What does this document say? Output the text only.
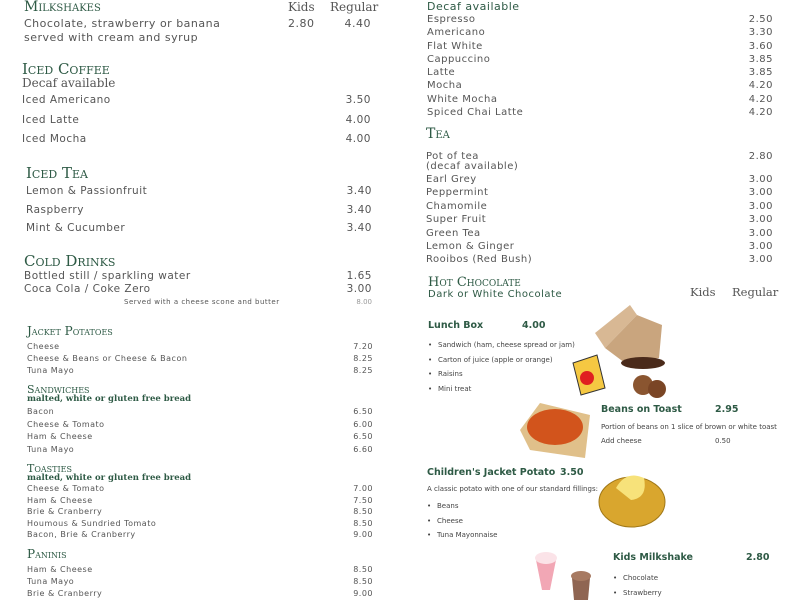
Milkshakes	Kids Regular
Chocolate, strawberry or banana
served with cream and syrup
2.80	4.40
Iced Coffee
Decaf available
Iced Americano	3.50
Iced Latte	4.00
Iced Mocha	4.00
Iced Tea
Lemon & Passionfruit	3.40
Raspberry	3.40
Mint & Cucumber	3.40
Cold Drinks
Bottled still / sparkling water	1.65
Coca Cola / Coke Zero	3.00
Served with a cheese scone and butter	8.00
Jacket Potatoes
Cheese	7.20
Cheese & Beans or Cheese & Bacon	8.25
Tuna Mayo	8.25
Sandwiches
malted, white or gluten free bread
Bacon	6.50
Cheese & Tomato	6.00
Ham & Cheese	6.50
Tuna Mayo	6.60
Toasties
malted, white or gluten free bread
Cheese & Tomato	7.00
Ham & Cheese	7.50
Brie & Cranberry	8.50
Houmous & Sundried Tomato	8.50
Bacon, Brie & Cranberry	9.00
Paninis
Ham & Cheese	8.50
Tuna Mayo	8.50
Brie & Cranberry	9.00
Decaf available
Espresso	2.50
Americano	3.30
Flat White	3.60
Cappuccino	3.85
Latte	3.85
Mocha	4.20
White Mocha	4.20
Spiced Chai Latte	4.20
Tea
Pot of tea	2.80
(decaf available)
Earl Grey	3.00
Peppermint	3.00
Chamomile	3.00
Super Fruit	3.00
Green Tea	3.00
Lemon & Ginger	3.00
Rooibos (Red Bush)	3.00
Hot Chocolate
Dark or White Chocolate	Kids Regular
Lunch Box	4.00
• Sandwich (ham, cheese spread or jam)
• Carton of juice (apple or orange)
• Raisins
• Mini treat
Beans on Toast	2.95
Portion of beans on 1 slice of brown or white toast
Add cheese	0.50
Children's Jacket Potato 3.50
A classic potato with one of our standard fillings:
• Beans
• Cheese
• Tuna Mayonnaise
Kids Milkshake	2.80
• Chocolate
• Strawberry
